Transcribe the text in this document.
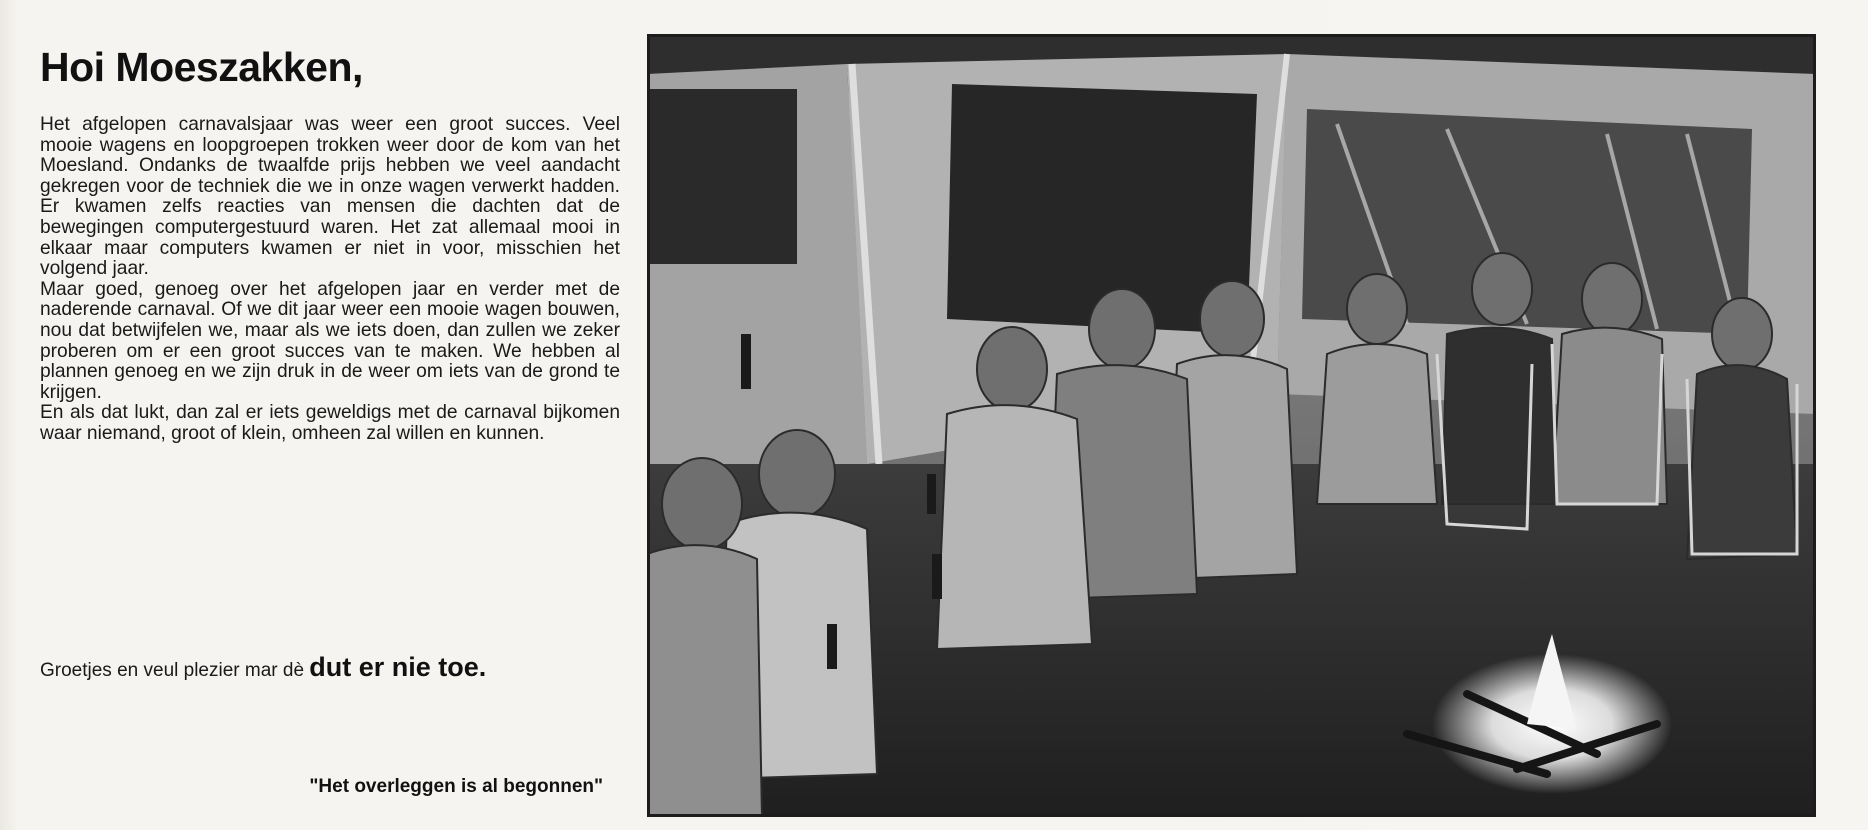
Hoi Moeszakken,

Het afgelopen carnavalsjaar was weer een groot succes. Veel mooie wagens en loopgroepen trokken weer door de kom van het Moesland. Ondanks de twaalfde prijs hebben we veel aandacht gekregen voor de techniek die we in onze wagen verwerkt hadden. Er kwamen zelfs reacties van mensen die dachten dat de bewegingen computergestuurd waren. Het zat allemaal mooi in elkaar maar computers kwamen er niet in voor, misschien het volgend jaar.

Maar goed, genoeg over het afgelopen jaar en verder met de naderende carnaval. Of we dit jaar weer een mooie wagen bouwen, nou dat betwijfelen we, maar als we iets doen, dan zullen we zeker proberen om er een groot succes van te maken. We hebben al plannen genoeg en we zijn druk in de weer om iets van de grond te krijgen.

En als dat lukt, dan zal er iets geweldigs met de carnaval bijkomen waar niemand, groot of klein, omheen zal willen en kunnen.

Groetjes en veul plezier mar dè dut er nie toe.
"Het overleggen is al begonnen"
